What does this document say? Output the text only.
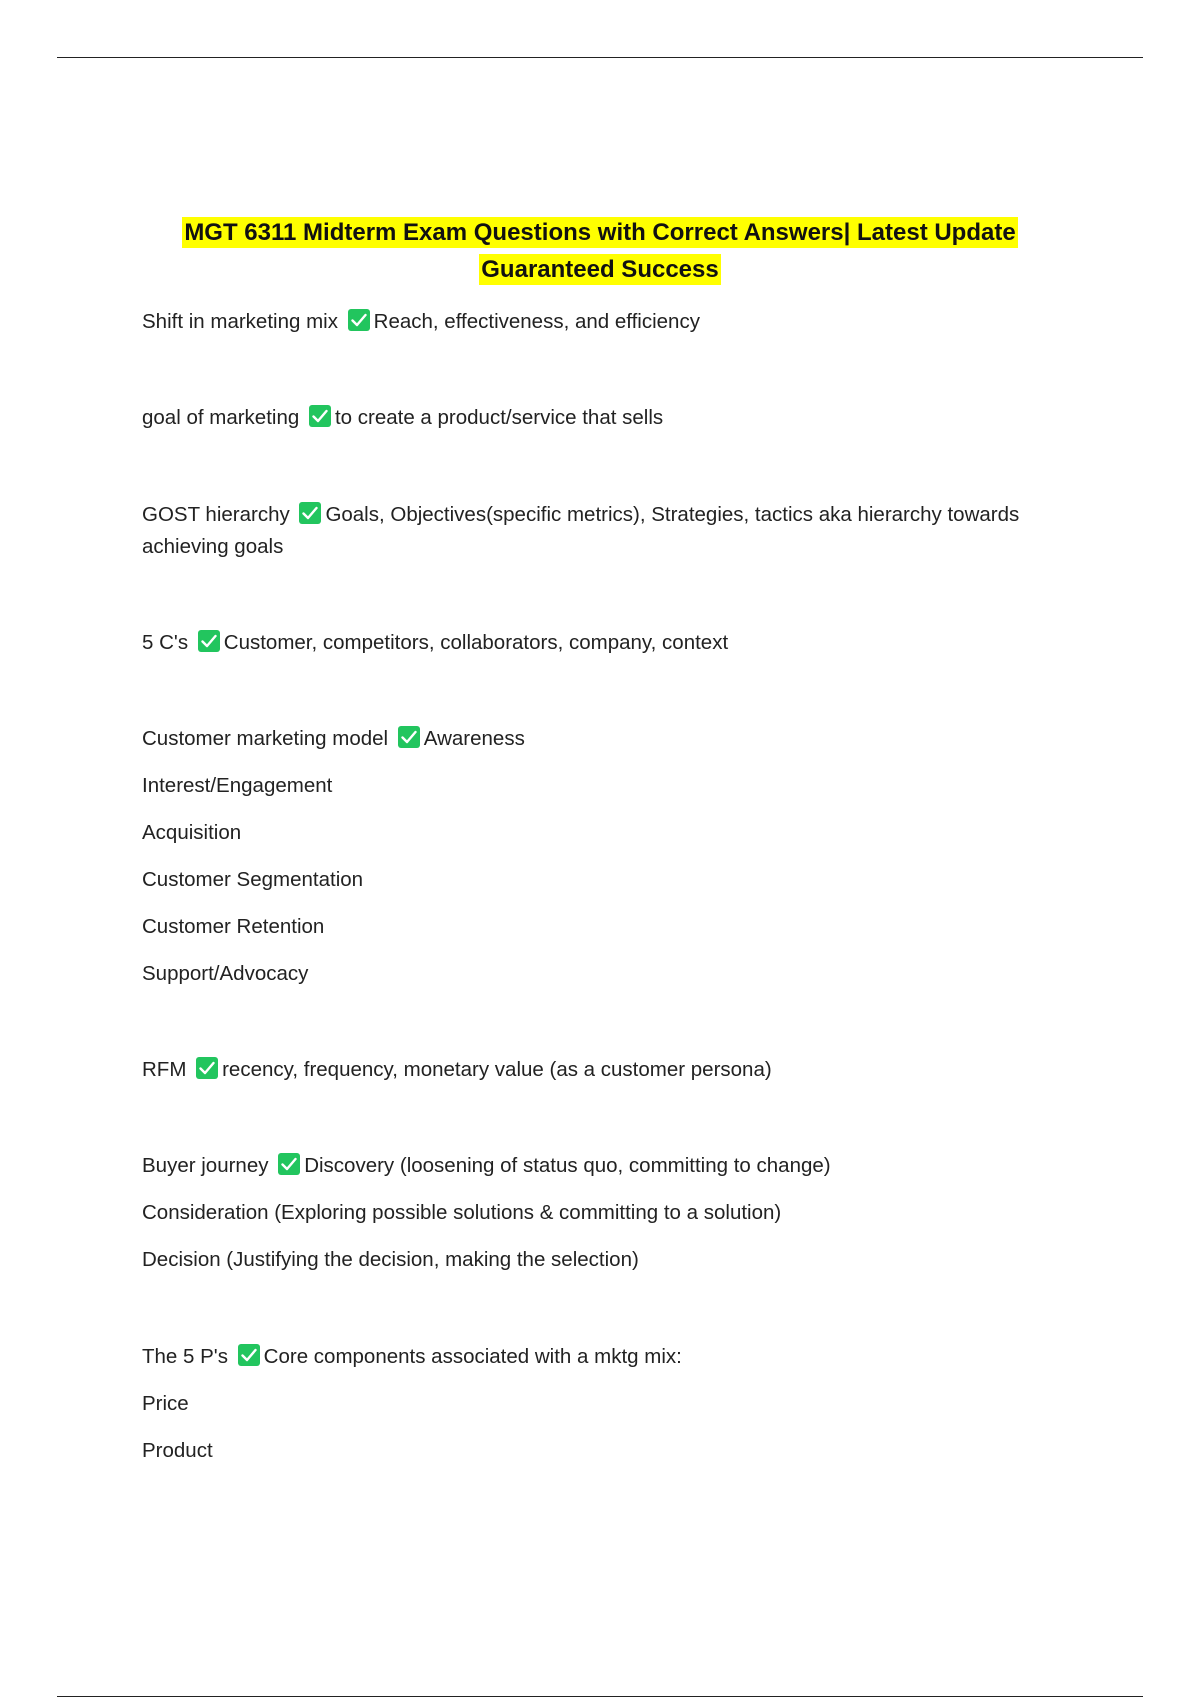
MGT 6311 Midterm Exam Questions with Correct Answers| Latest Update
Guaranteed Success
Shift in marketing mix Reach, effectiveness, and efficiency
goal of marketing to create a product/service that sells
GOST hierarchy Goals, Objectives(specific metrics), Strategies, tactics aka hierarchy towards achieving goals
5 C's Customer, competitors, collaborators, company, context
Customer marketing model Awareness
Interest/Engagement
Acquisition
Customer Segmentation
Customer Retention
Support/Advocacy
RFM recency, frequency, monetary value (as a customer persona)
Buyer journey Discovery (loosening of status quo, committing to change)
Consideration (Exploring possible solutions & committing to a solution)
Decision (Justifying the decision, making the selection)
The 5 P's Core components associated with a mktg mix:
Price
Product
